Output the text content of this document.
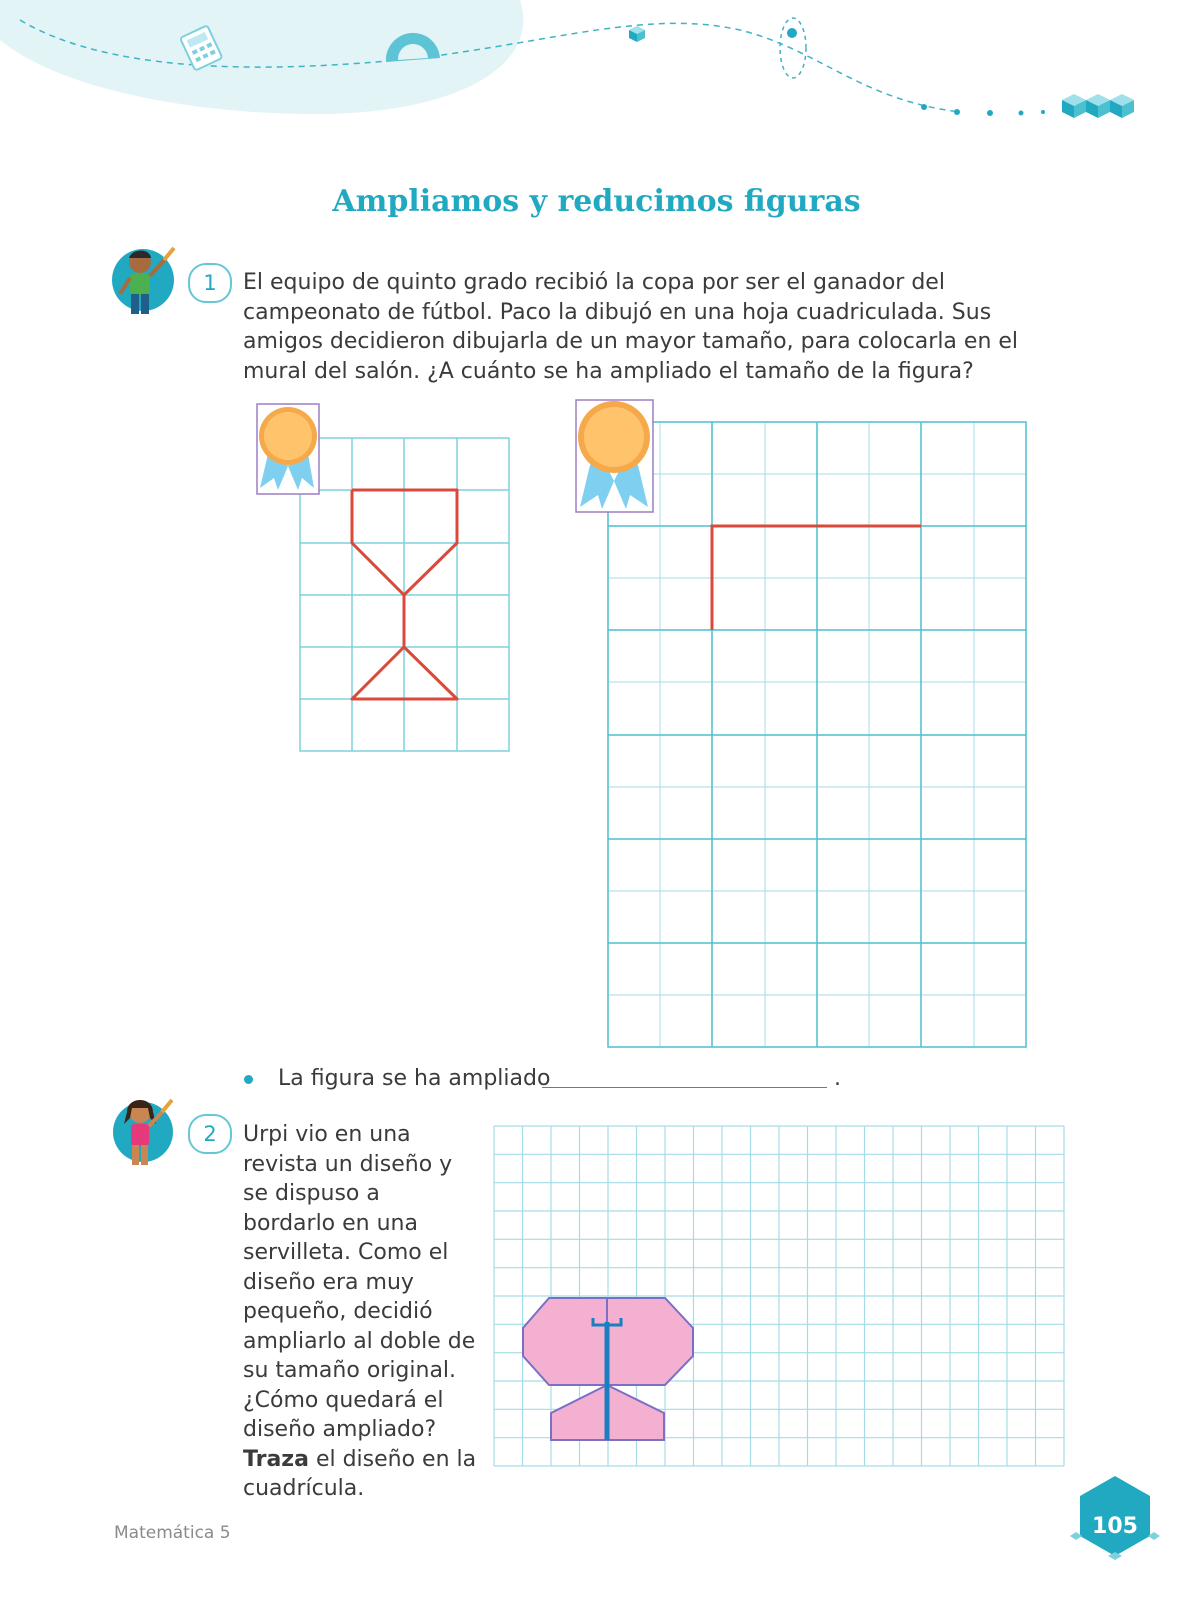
Ampliamos y reducimos figuras
1	El equipo de quinto grado recibió la copa por ser el ganador del campeonato de fútbol. Paco la dibujó en una hoja cuadriculada. Sus amigos decidieron dibujarla de un mayor tamaño, para colocarla en el mural del salón. ¿A cuánto se ha ampliado el tamaño de la figura?
La figura se ha ampliado	.
2	Urpi vio en una revista un diseño y se dispuso a bordarlo en una servilleta. Como el diseño era muy pequeño, decidió ampliarlo al doble de su tamaño original. ¿Cómo quedará el diseño ampliado? Traza el diseño en la cuadrícula.
Matemática 5	105
